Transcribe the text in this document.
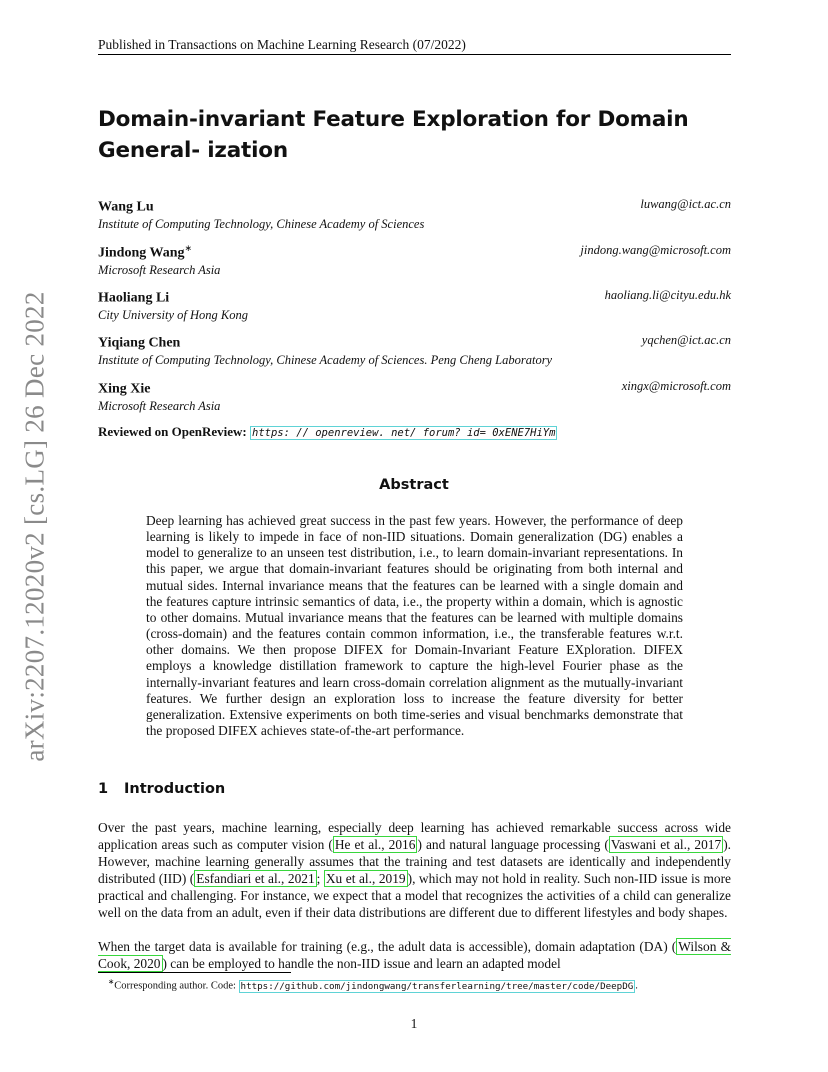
arXiv:2207.12020v2 [cs.LG] 26 Dec 2022
Published in Transactions on Machine Learning Research (07/2022)
Domain-invariant Feature Exploration for Domain General- ization
Wang Lu
Institute of Computing Technology, Chinese Academy of Sciences
luwang@ict.ac.cn
Jindong Wang∗
Microsoft Research Asia
jindong.wang@microsoft.com
Haoliang Li
City University of Hong Kong
haoliang.li@cityu.edu.hk
Yiqiang Chen
Institute of Computing Technology, Chinese Academy of Sciences. Peng Cheng Laboratory
yqchen@ict.ac.cn
Xing Xie
Microsoft Research Asia
xingx@microsoft.com
Reviewed on OpenReview: https: // openreview. net/ forum? id= 0xENE7HiYm
Abstract
Deep learning has achieved great success in the past few years. However, the performance of deep learning is likely to impede in face of non-IID situations. Domain generalization (DG) enables a model to generalize to an unseen test distribution, i.e., to learn domain-invariant representations. In this paper, we argue that domain-invariant features should be originating from both internal and mutual sides. Internal invariance means that the features can be learned with a single domain and the features capture intrinsic semantics of data, i.e., the property within a domain, which is agnostic to other domains. Mutual invariance means that the features can be learned with multiple domains (cross-domain) and the features contain common information, i.e., the transferable features w.r.t. other domains. We then propose DIFEX for Domain-Invariant Feature EXploration. DIFEX employs a knowledge distillation framework to capture the high-level Fourier phase as the internally-invariant features and learn cross-domain correlation alignment as the mutually-invariant features. We further design an exploration loss to increase the feature diversity for better generalization. Extensive experiments on both time-series and visual benchmarks demonstrate that the proposed DIFEX achieves state-of-the-art performance.
1 Introduction
Over the past years, machine learning, especially deep learning has achieved remarkable success across wide application areas such as computer vision ( He et al., 2016 ) and natural language processing ( Vaswani et al., 2017 ). However, machine learning generally assumes that the training and test datasets are identically and independently distributed (IID) ( Esfandiari et al., 2021 ; Xu et al., 2019 ), which may not hold in reality. Such non-IID issue is more practical and challenging. For instance, we expect that a model that recognizes the activities of a child can generalize well on the data from an adult, even if their data distributions are different due to different lifestyles and body shapes.
When the target data is available for training (e.g., the adult data is accessible), domain adaptation (DA) ( Wilson & Cook, 2020 ) can be employed to handle the non-IID issue and learn an adapted model
∗Corresponding author. Code: https://github.com/jindongwang/transferlearning/tree/master/code/DeepDG .
1
